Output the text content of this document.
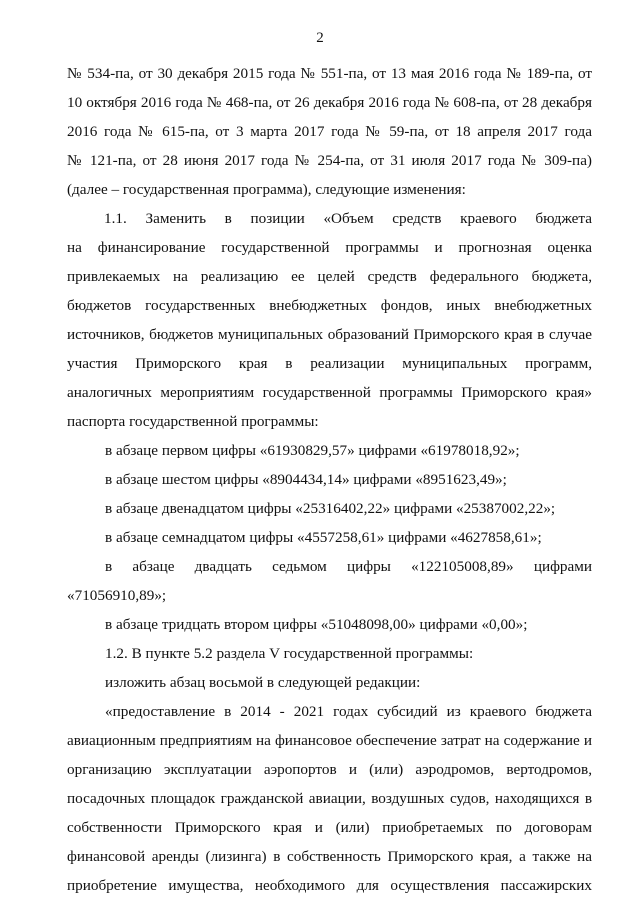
2
№ 534-па, от 30 декабря 2015 года № 551-па, от 13 мая 2016 года № 189-па, от
10 октября 2016 года № 468-па, от 26 декабря 2016 года № 608-па, от 28 декабря
2016 года № 615-па, от 3 марта 2017 года № 59-па, от 18 апреля 2017 года
№ 121-па, от 28 июня 2017 года № 254-па, от 31 июля 2017 года № 309-па)
(далее – государственная программа), следующие изменения:
1.1. Заменить в позиции «Объем средств краевого бюджета
на финансирование государственной программы и прогнозная оценка
привлекаемых на реализацию ее целей средств федерального бюджета,
бюджетов государственных внебюджетных фондов, иных внебюджетных
источников, бюджетов муниципальных образований Приморского края в случае
участия Приморского края в реализации муниципальных программ,
аналогичных мероприятиям государственной программы Приморского края»
паспорта государственной программы:
в абзаце первом цифры «61930829,57» цифрами «61978018,92»;
в абзаце шестом цифры «8904434,14» цифрами «8951623,49»;
в абзаце двенадцатом цифры «25316402,22» цифрами «25387002,22»;
в абзаце семнадцатом цифры «4557258,61» цифрами «4627858,61»;
в абзаце двадцать седьмом цифры «122105008,89» цифрами
«71056910,89»;
в абзаце тридцать втором цифры «51048098,00» цифрами «0,00»;
1.2. В пункте 5.2 раздела V государственной программы:
изложить абзац восьмой в следующей редакции:
«предоставление в 2014 - 2021 годах субсидий из краевого бюджета
авиационным предприятиям на финансовое обеспечение затрат на содержание и
организацию эксплуатации аэропортов и (или) аэродромов, вертодромов,
посадочных площадок гражданской авиации, воздушных судов, находящихся в
собственности Приморского края и (или) приобретаемых по договорам
финансовой аренды (лизинга) в собственность Приморского края, а также на
приобретение имущества, необходимого для осуществления пассажирских
